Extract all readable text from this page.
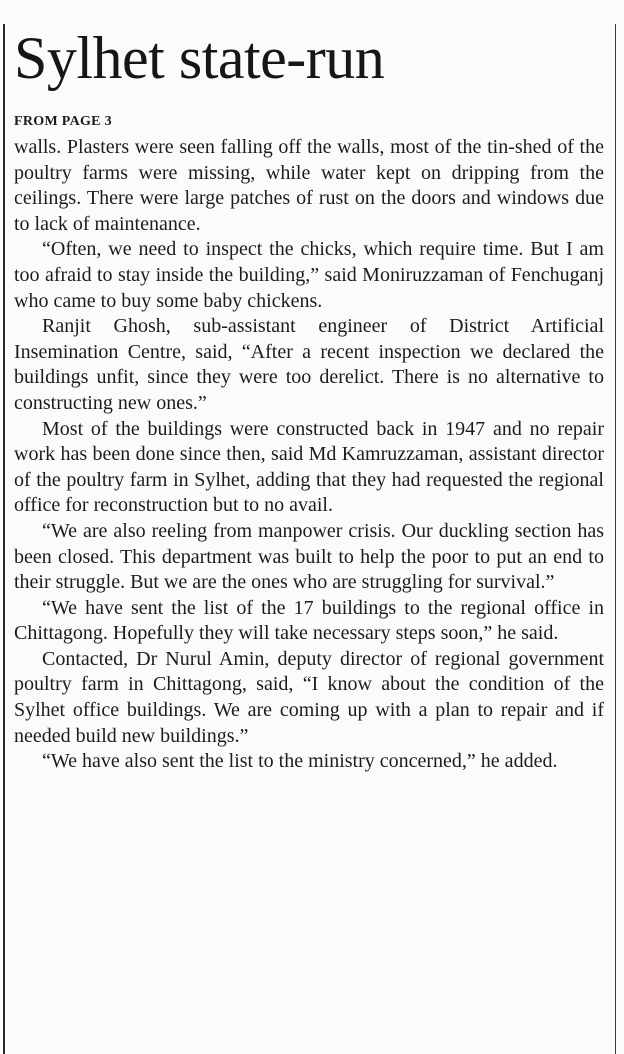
Sylhet state-run
FROM PAGE 3

walls. Plasters were seen falling off the walls, most of the tin-shed of the poultry farms were missing, while water kept on dripping from the ceilings. There were large patches of rust on the doors and windows due to lack of maintenance.

“Often, we need to inspect the chicks, which require time. But I am too afraid to stay inside the building,” said Moniruzzaman of Fenchuganj who came to buy some baby chickens.

Ranjit Ghosh, sub-assistant engineer of District Artificial Insemination Centre, said, “After a recent inspection we declared the buildings unfit, since they were too derelict. There is no alternative to constructing new ones.”

Most of the buildings were constructed back in 1947 and no repair work has been done since then, said Md Kamruzzaman, assistant director of the poultry farm in Sylhet, adding that they had requested the regional office for reconstruction but to no avail.

“We are also reeling from manpower crisis. Our duckling section has been closed. This department was built to help the poor to put an end to their struggle. But we are the ones who are struggling for survival.”

“We have sent the list of the 17 buildings to the regional office in Chittagong. Hopefully they will take necessary steps soon,” he said.

Contacted, Dr Nurul Amin, deputy director of regional government poultry farm in Chittagong, said, “I know about the condition of the Sylhet office buildings. We are coming up with a plan to repair and if needed build new buildings.”

“We have also sent the list to the ministry concerned,” he added.
